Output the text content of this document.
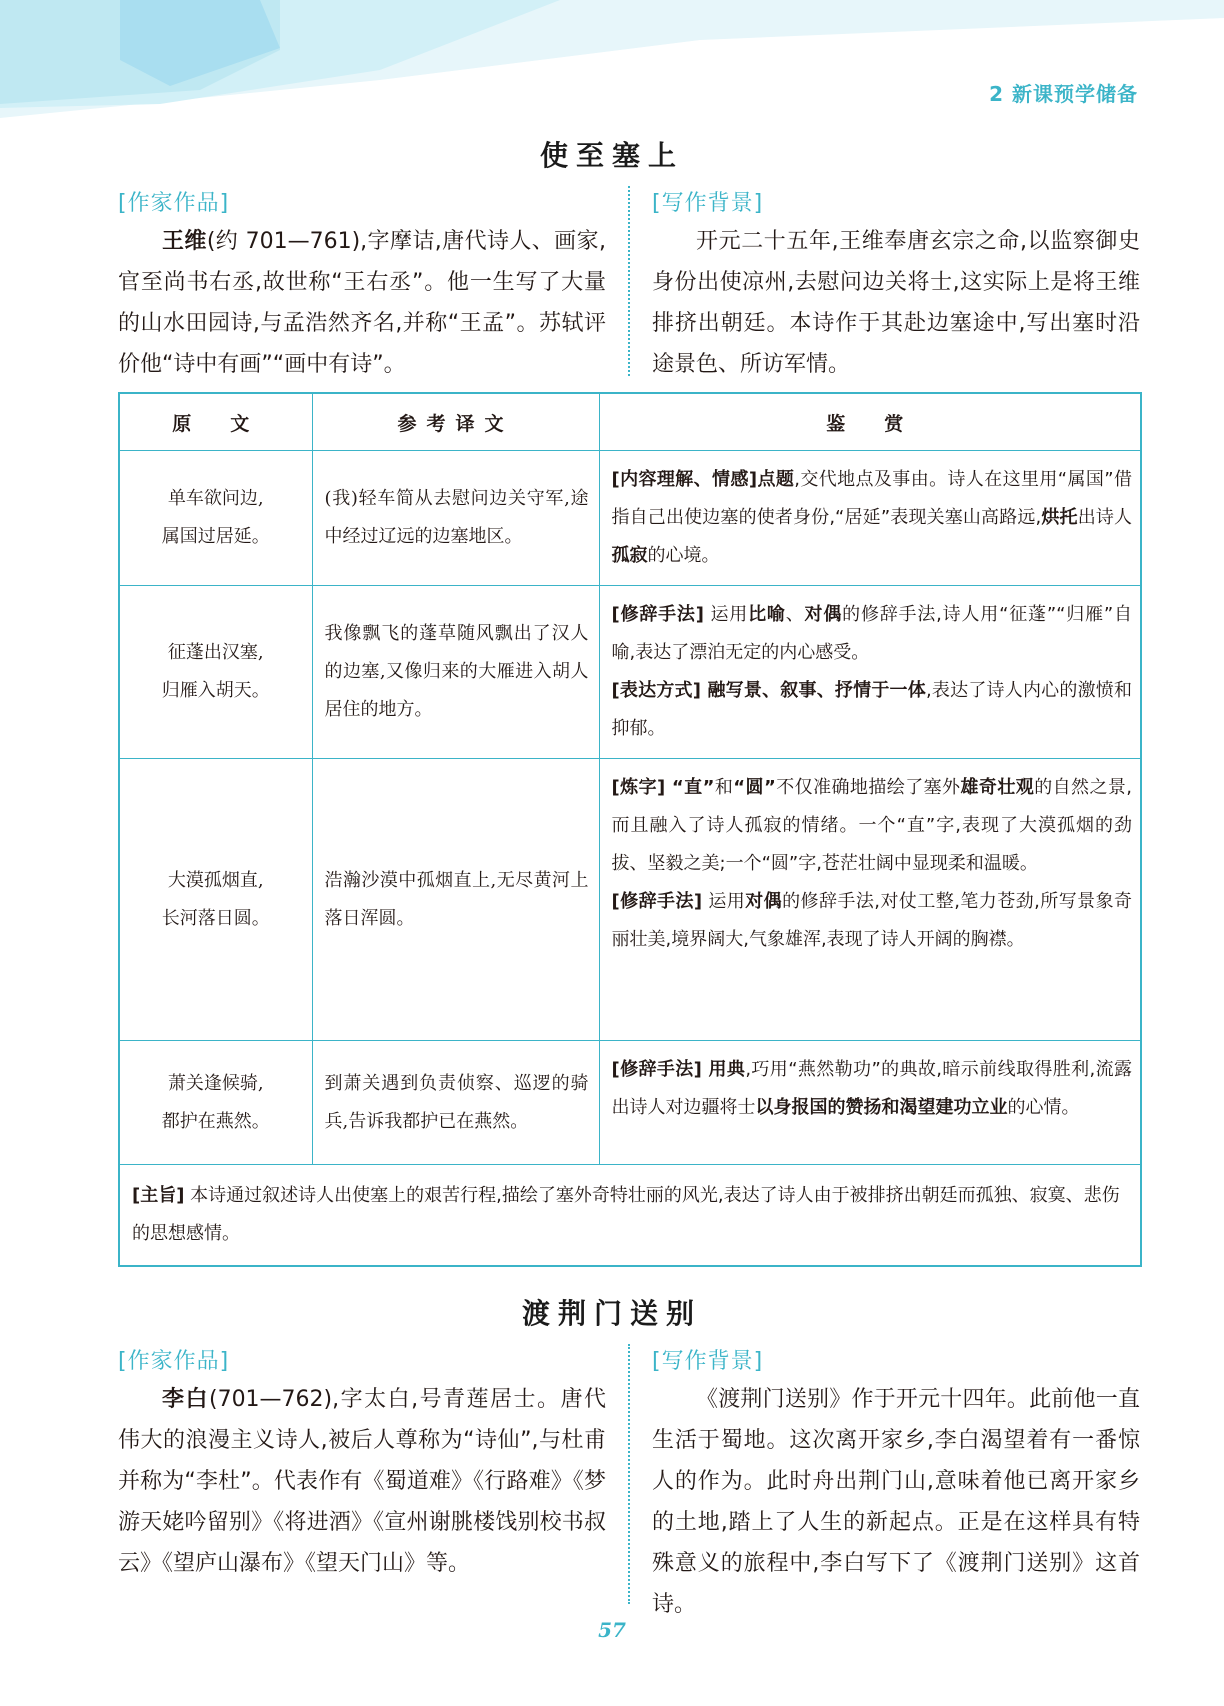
2 新课预学储备
使至塞上
[作家作品]
王维(约 701—761),字摩诘,唐代诗人、画家,官至尚书右丞,故世称“王右丞”。他一生写了大量的山水田园诗,与孟浩然齐名,并称“王孟”。苏轼评价他“诗中有画”“画中有诗”。
[写作背景]
开元二十五年,王维奉唐玄宗之命,以监察御史身份出使凉州,去慰问边关将士,这实际上是将王维排挤出朝廷。本诗作于其赴边塞途中,写出塞时沿途景色、所访军情。
原　文	参考译文	鉴　赏
单车欲问边,
属国过居延。	(我)轻车简从去慰问边关守军,途中经过辽远的边塞地区。	[内容理解、情感]点题,交代地点及事由。诗人在这里用“属国”借指自己出使边塞的使者身份,“居延”表现关塞山高路远,烘托出诗人孤寂的心境。
征蓬出汉塞,
归雁入胡天。	我像飘飞的蓬草随风飘出了汉人的边塞,又像归来的大雁进入胡人居住的地方。	[修辞手法] 运用比喻、对偶的修辞手法,诗人用“征蓬”“归雁”自喻,表达了漂泊无定的内心感受。
[表达方式] 融写景、叙事、抒情于一体,表达了诗人内心的激愤和抑郁。
大漠孤烟直,
长河落日圆。	浩瀚沙漠中孤烟直上,无尽黄河上落日浑圆。	[炼字] “直”和“圆”不仅准确地描绘了塞外雄奇壮观的自然之景,而且融入了诗人孤寂的情绪。一个“直”字,表现了大漠孤烟的劲拔、坚毅之美;一个“圆”字,苍茫壮阔中显现柔和温暖。
[修辞手法] 运用对偶的修辞手法,对仗工整,笔力苍劲,所写景象奇丽壮美,境界阔大,气象雄浑,表现了诗人开阔的胸襟。
萧关逢候骑,
都护在燕然。	到萧关遇到负责侦察、巡逻的骑兵,告诉我都护已在燕然。	[修辞手法] 用典,巧用“燕然勒功”的典故,暗示前线取得胜利,流露出诗人对边疆将士以身报国的赞扬和渴望建功立业的心情。
[主旨] 本诗通过叙述诗人出使塞上的艰苦行程,描绘了塞外奇特壮丽的风光,表达了诗人由于被排挤出朝廷而孤独、寂寞、悲伤的思想感情。		
渡荆门送别
[作家作品]
李白(701—762),字太白,号青莲居士。唐代伟大的浪漫主义诗人,被后人尊称为“诗仙”,与杜甫并称为“李杜”。代表作有《蜀道难》《行路难》《梦游天姥吟留别》《将进酒》《宣州谢朓楼饯别校书叔云》《望庐山瀑布》《望天门山》等。
[写作背景]
《渡荆门送别》作于开元十四年。此前他一直生活于蜀地。这次离开家乡,李白渴望着有一番惊人的作为。此时舟出荆门山,意味着他已离开家乡的土地,踏上了人生的新起点。正是在这样具有特殊意义的旅程中,李白写下了《渡荆门送别》这首诗。
57
